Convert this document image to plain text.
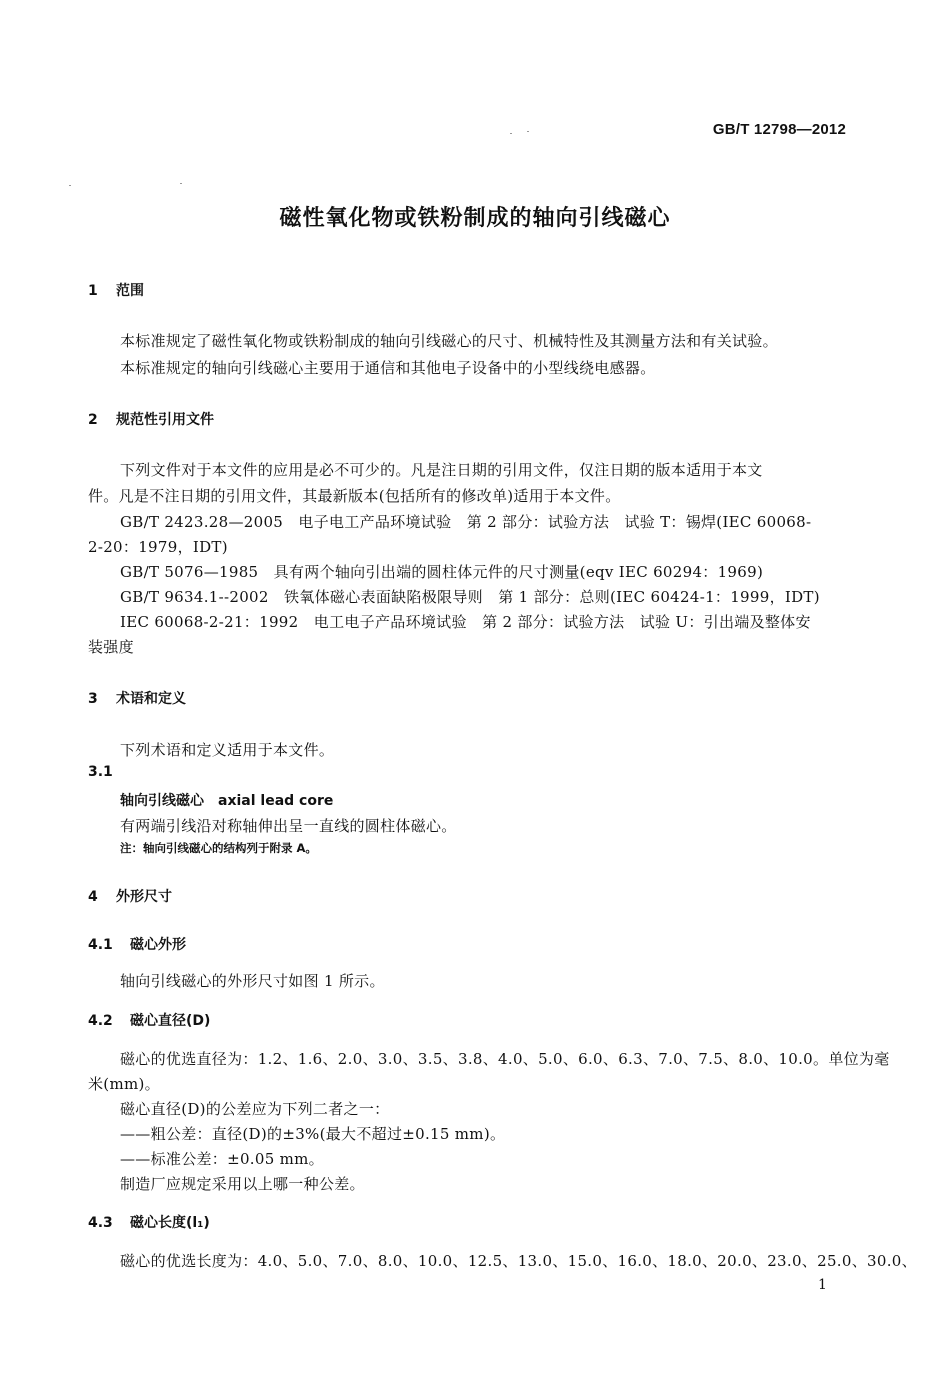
GB/T 12798—2012
磁性氧化物或铁粉制成的轴向引线磁心
1 范围
本标准规定了磁性氧化物或铁粉制成的轴向引线磁心的尺寸、机械特性及其测量方法和有关试验。
本标准规定的轴向引线磁心主要用于通信和其他电子设备中的小型线绕电感器。
2 规范性引用文件
下列文件对于本文件的应用是必不可少的。凡是注日期的引用文件，仅注日期的版本适用于本文
件。凡是不注日期的引用文件，其最新版本(包括所有的修改单)适用于本文件。
GB/T 2423.28—2005　电子电工产品环境试验　第 2 部分：试验方法　试验 T：锡焊(IEC 60068-
2-20：1979，IDT)
GB/T 5076—1985　具有两个轴向引出端的圆柱体元件的尺寸测量(eqv IEC 60294：1969)
GB/T 9634.1--2002　铁氧体磁心表面缺陷极限导则　第 1 部分：总则(IEC 60424-1：1999，IDT)
IEC 60068-2-21：1992　电工电子产品环境试验　第 2 部分：试验方法　试验 U：引出端及整体安
装强度
3 术语和定义
下列术语和定义适用于本文件。
3.1
轴向引线磁心　axial lead core
有两端引线沿对称轴伸出呈一直线的圆柱体磁心。
注：轴向引线磁心的结构列于附录 A。
4 外形尺寸
4.1 磁心外形
轴向引线磁心的外形尺寸如图 1 所示。
4.2 磁心直径(D)
磁心的优选直径为：1.2、1.6、2.0、3.0、3.5、3.8、4.0、5.0、6.0、6.3、7.0、7.5、8.0、10.0。单位为毫
米(mm)。
磁心直径(D)的公差应为下列二者之一：
——粗公差：直径(D)的±3%(最大不超过±0.15 mm)。
——标准公差：±0.05 mm。
制造厂应规定采用以上哪一种公差。
4.3 磁心长度(l₁)
磁心的优选长度为：4.0、5.0、7.0、8.0、10.0、12.5、13.0、15.0、16.0、18.0、20.0、23.0、25.0、30.0、
1
